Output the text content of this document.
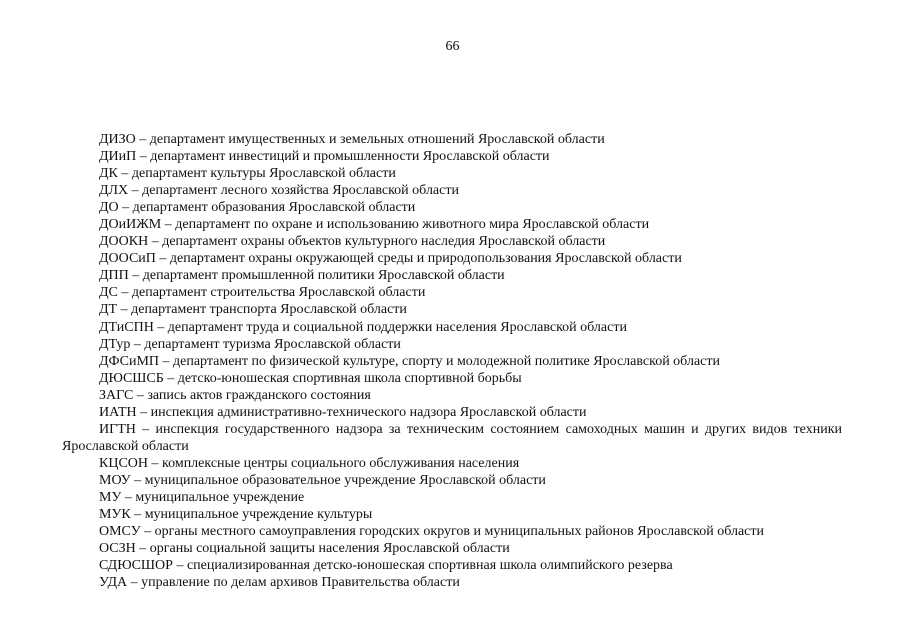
66
ДИЗО – департамент имущественных и земельных отношений Ярославской области
ДИиП – департамент инвестиций и промышленности Ярославской области
ДК – департамент культуры Ярославской области
ДЛХ – департамент лесного хозяйства Ярославской области
ДО – департамент образования Ярославской области
ДОиИЖМ – департамент по охране и использованию животного мира Ярославской области
ДООКН – департамент охраны объектов культурного наследия Ярославской области
ДООСиП – департамент охраны окружающей среды и природопользования Ярославской области
ДПП – департамент промышленной политики Ярославской области
ДС – департамент строительства Ярославской области
ДТ – департамент транспорта Ярославской области
ДТиСПН – департамент труда и социальной поддержки населения Ярославской области
ДТур – департамент туризма Ярославской области
ДФСиМП – департамент по физической культуре, спорту и молодежной политике Ярославской области
ДЮСШСБ – детско-юношеская спортивная школа спортивной борьбы
ЗАГС – запись актов гражданского состояния
ИАТН – инспекция административно-технического надзора Ярославской области
ИГТН – инспекция государственного надзора за техническим состоянием самоходных машин и других видов техники Ярославской области
КЦСОН – комплексные центры социального обслуживания населения
МОУ – муниципальное образовательное учреждение Ярославской области
МУ – муниципальное учреждение
МУК – муниципальное учреждение культуры
ОМСУ – органы местного самоуправления городских округов и муниципальных районов Ярославской области
ОСЗН – органы социальной защиты населения Ярославской области
СДЮСШОР – специализированная детско-юношеская спортивная школа олимпийского резерва
УДА – управление по делам архивов Правительства области
